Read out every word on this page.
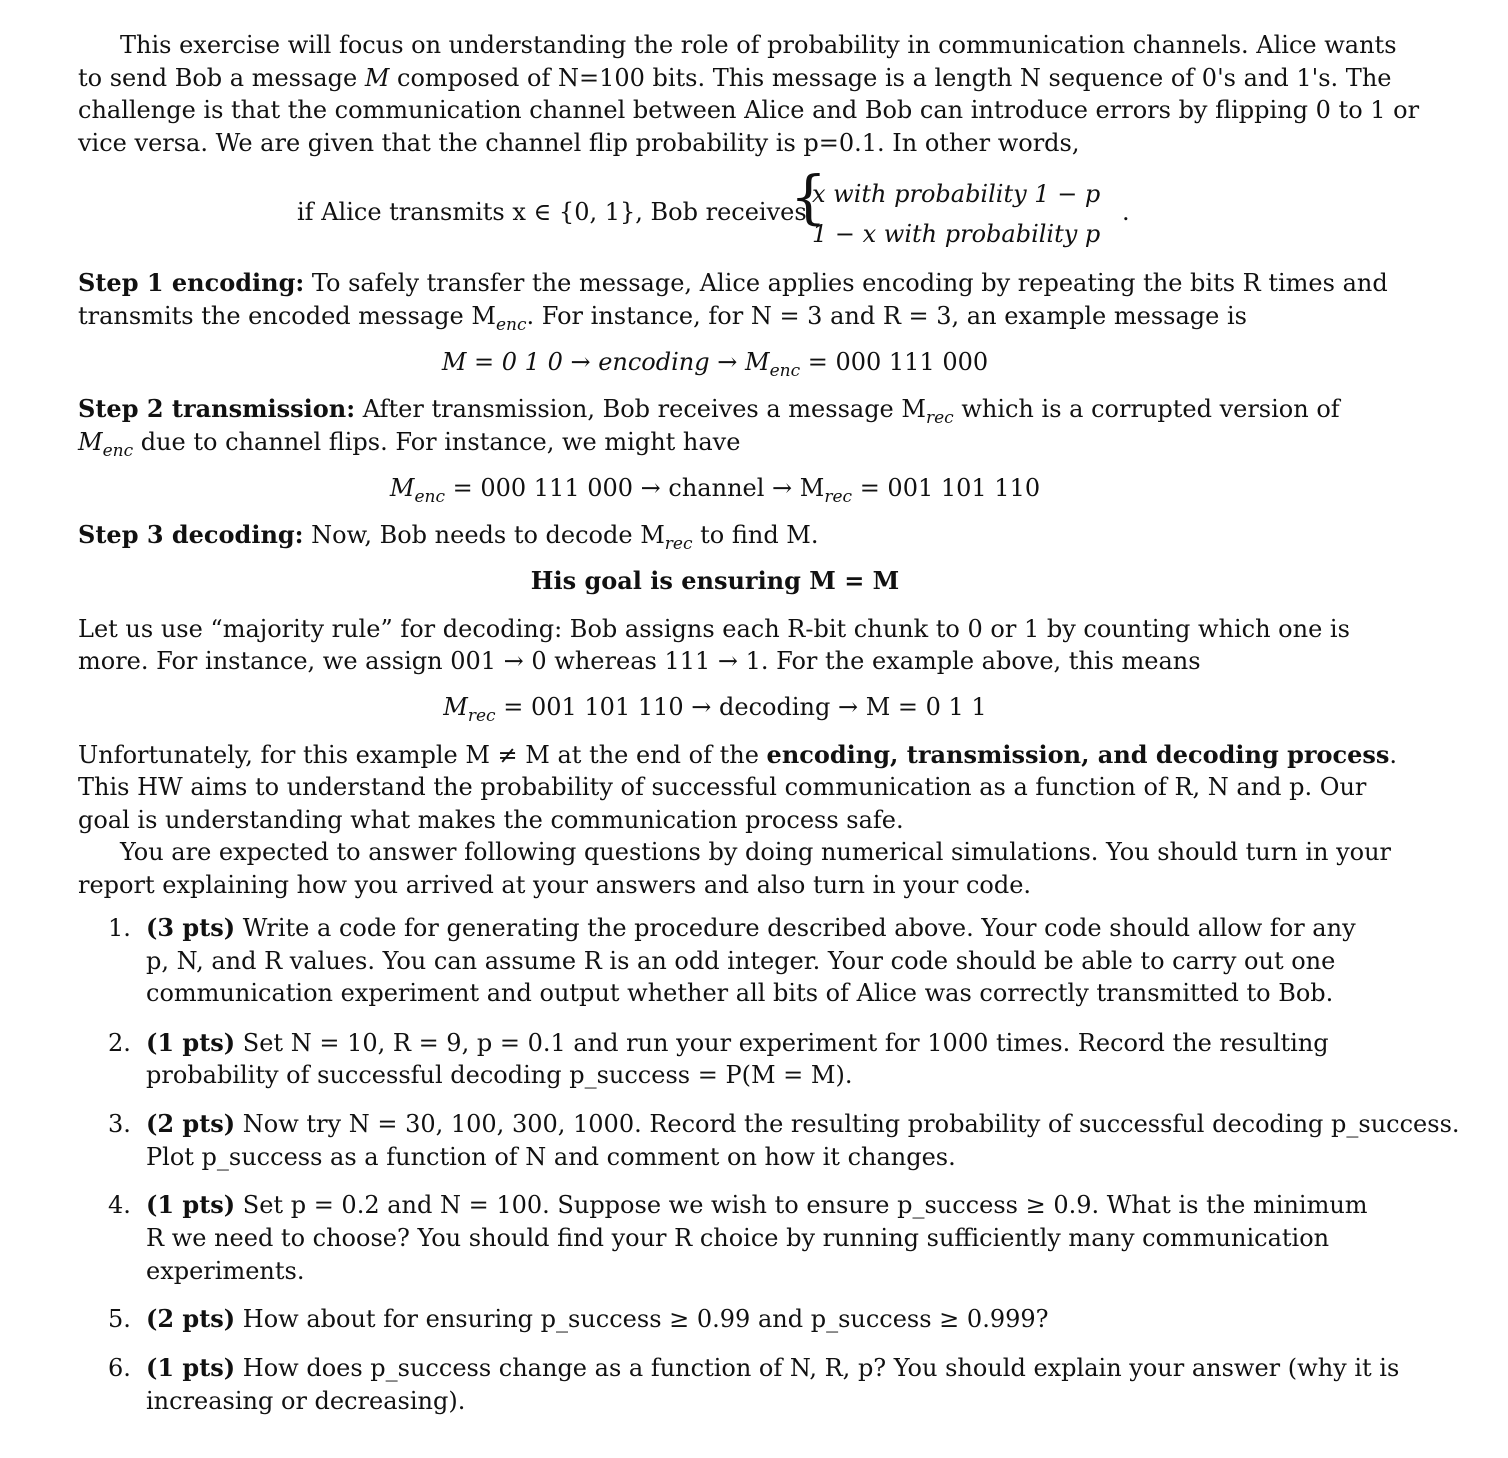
This exercise will focus on understanding the role of probability in communication channels. Alice wants
to send Bob a message M composed of N=100 bits. This message is a length N sequence of 0's and 1's. The
challenge is that the communication channel between Alice and Bob can introduce errors by flipping 0 to 1 or
vice versa. We are given that the channel flip probability is p=0.1. In other words,
if Alice transmits x ∈ {0, 1}, Bob receives
{
x with probability 1 − p
1 − x with probability p
.
Step 1 encoding: To safely transfer the message, Alice applies encoding by repeating the bits R times and
transmits the encoded message $M_{enc}$. For instance, for N = 3 and R = 3, an example message is
M = 0 1 0 → encoding → $M_{enc} = 000$ 111 000
Step 2 transmission: After transmission, Bob receives a message $M_{rec}$ which is a corrupted version of
$M_{enc}$ due to channel flips. For instance, we might have
$M_{enc} = 000$ 111 000 → channel → $M_{rec} = 001$ 101 110
Step 3 decoding: Now, Bob needs to decode $M_{rec}$ to find M.
His goal is ensuring M = M
Let us use “majority rule” for decoding: Bob assigns each R-bit chunk to 0 or 1 by counting which one is
more. For instance, we assign 001 → 0 whereas 111 → 1. For the example above, this means
$M_{rec} = 001$ 101 110 → decoding → M = 0 1 1
Unfortunately, for this example M ≠ M at the end of the encoding, transmission, and decoding process.
This HW aims to understand the probability of successful communication as a function of R, N and p. Our
goal is understanding what makes the communication process safe.
You are expected to answer following questions by doing numerical simulations. You should turn in your
report explaining how you arrived at your answers and also turn in your code.
1. (3 pts) Write a code for generating the procedure described above. Your code should allow for any
p, N, and R values. You can assume R is an odd integer. Your code should be able to carry out one
communication experiment and output whether all bits of Alice was correctly transmitted to Bob.
2. (1 pts) Set N = 10, R = 9, p = 0.1 and run your experiment for 1000 times. Record the resulting
probability of successful decoding p_success = P(M = M).
3. (2 pts) Now try N = 30, 100, 300, 1000. Record the resulting probability of successful decoding p_success.
Plot p_success as a function of N and comment on how it changes.
4. (1 pts) Set p = 0.2 and N = 100. Suppose we wish to ensure p_success ≥ 0.9. What is the minimum
R we need to choose? You should find your R choice by running sufficiently many communication
experiments.
5. (2 pts) How about for ensuring p_success ≥ 0.99 and p_success ≥ 0.999?
6. (1 pts) How does p_success change as a function of N, R, p? You should explain your answer (why it is
increasing or decreasing).
